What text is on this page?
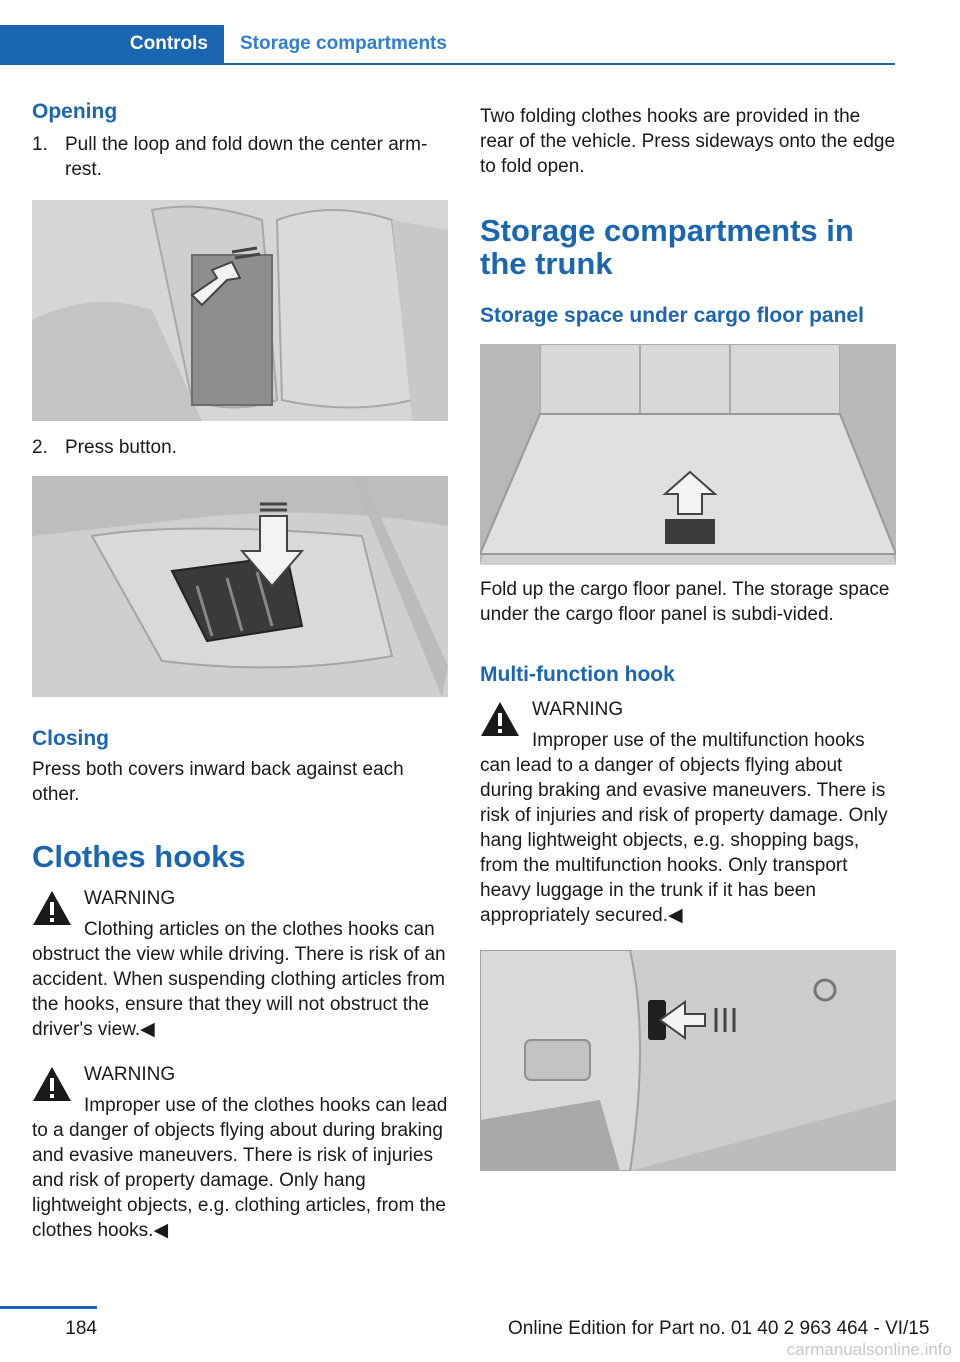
Controls	Storage compartments
Opening
1. Pull the loop and fold down the center arm‐rest.
2. Press button.
Closing

Press both covers inward back against each other.

Clothes hooks
WARNING
Clothing articles on the clothes hooks can obstruct the view while driving. There is risk of an accident. When suspending clothing articles from the hooks, ensure that they will not obstruct the driver's view.◀
WARNING
Improper use of the clothes hooks can lead to a danger of objects flying about during braking and evasive maneuvers. There is risk of injuries and risk of property damage. Only hang lightweight objects, e.g. clothing articles, from the clothes hooks.◀

Two folding clothes hooks are provided in the rear of the vehicle. Press sideways onto the edge to fold open.

Storage compartments in the trunk
Storage space under cargo floor panel

Fold up the cargo floor panel. The storage space under the cargo floor panel is subdi‐vided.

Multi-function hook
WARNING
Improper use of the multifunction hooks can lead to a danger of objects flying about during braking and evasive maneuvers. There is risk of injuries and risk of property damage. Only hang lightweight objects, e.g. shopping bags, from the multifunction hooks. Only transport heavy luggage in the trunk if it has been appropriately secured.◀
184	Online Edition for Part no. 01 40 2 963 464 - VI/15
carmanualsonline.info
